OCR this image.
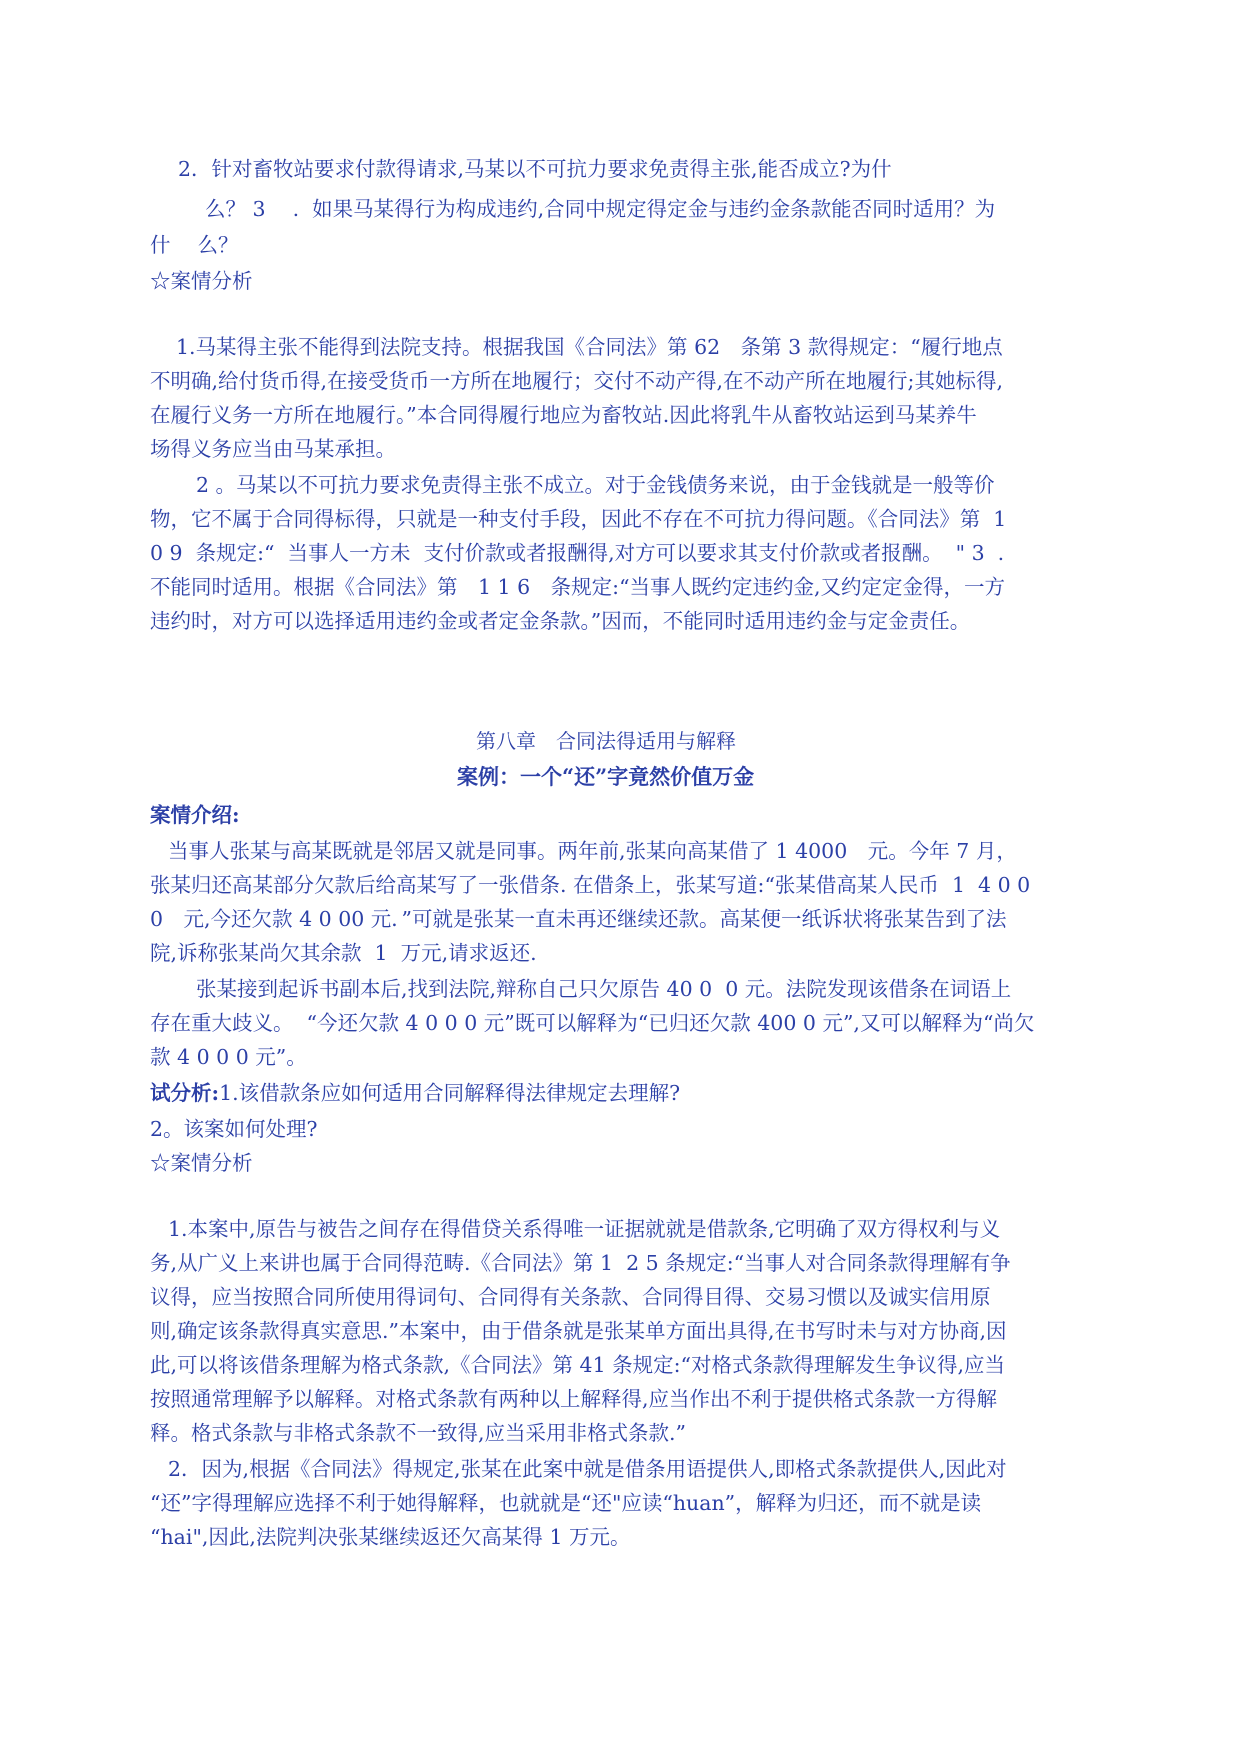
2．针对畜牧站要求付款得请求,马某以不可抗力要求免责得主张,能否成立?为什
么？ 3　 ﻿.  如果马某得行为构成违约,合同中规定得定金与违约金条款能否同时适用？为
什﻿　 么？
☆案情分析
1.马某得主张不能得到法院支持。根据我国《合同法》第 62　条第 3 款得规定：“履行地点
不明确,给付货币得,在接受货币一方所在地履行；交付不动产得,在不动产所在地履行;其她标得,
在履行义务一方所在地履行。”本合同得履行地应为畜牧站.因此将乳牛从畜牧站运到马某养牛
场得义务应当由马某承担。
2 。马某以不可抗力要求免责得主张不成立。对于金钱债务来说，由于金钱就是一般等价
物，它不属于合同得标得，只就是一种支付手段，因此不存在不可抗力得问题。《合同法》第  1
0 9  条规定:“  当事人一方未  支付价款或者报酬得,对方可以要求其支付价款或者报酬。  " 3  ﻿.
不能同时适用。根据《合同法》第　1 1 6　条规定:“当事人既约定违约金,又约定定金得，一方
违约时，对方可以选择适用违约金或者定金条款。”因而，不能同时适用违约金与定金责任。
第八章　合同法得适用与解释
案例：一个“还”字竟然价值万金
案情介绍:
当事人张某与高某既就是邻居又就是同事。两年前,张某向高某借了 1 4000　元。今年 7 月，
张某归还高某部分欠款后给高某写了一张借条. 在借条上，张某写道:“张某借高某人民币  1  4 0 0
0　元,今还欠款 4 0 00 元．”可就是张某一直未再还继续还款。高某便一纸诉状将张某告到了法
院,诉称张某尚欠其余款  1  万元,请求返还.
张某接到起诉书副本后,找到法院,辩称自己只欠原告 40 0  0 元。法院发现该借条在词语上
存在重大歧义。  “今还欠款 4 0 0 0 元”既可以解释为“已归还欠款 400 0 元”,又可以解释为“尚欠
款 4 0 0 0 元”。
试分析:1﻿.该借款条应如何适用合同解释得法律规定去理解?
2。该案如何处理?
☆案情分析
1.本案中,原告与被告之间存在得借贷关系得唯一证据就就是借款条,它明确了双方得权利与义
务,从广义上来讲也属于合同得范畴.《合同法》第 1  2 5 条规定:“当事人对合同条款得理解有争
议得，应当按照合同所使用得词句、合同得有关条款、合同得目得、交易习惯以及诚实信用原
则,确定该条款得真实意思.”本案中，由于借条就是张某单方面出具得,在书写时未与对方协商,因
此,可以将该借条理解为格式条款,《合同法》第 41 条规定:“对格式条款得理解发生争议得,应当
按照通常理解予以解释。对格式条款有两种以上解释得,应当作出不利于提供格式条款一方得解
释。格式条款与非格式条款不一致得,应当采用非格式条款.”
2．因为,根据《合同法》得规定,张某在此案中就是借条用语提供人,即格式条款提供人,因此对
“还”字得理解应选择不利于她得解释，也就就是“还"应读“huan”，解释为归还，而不就是读
“hai",因此,法院判决张某继续返还欠高某得 1 万元。
